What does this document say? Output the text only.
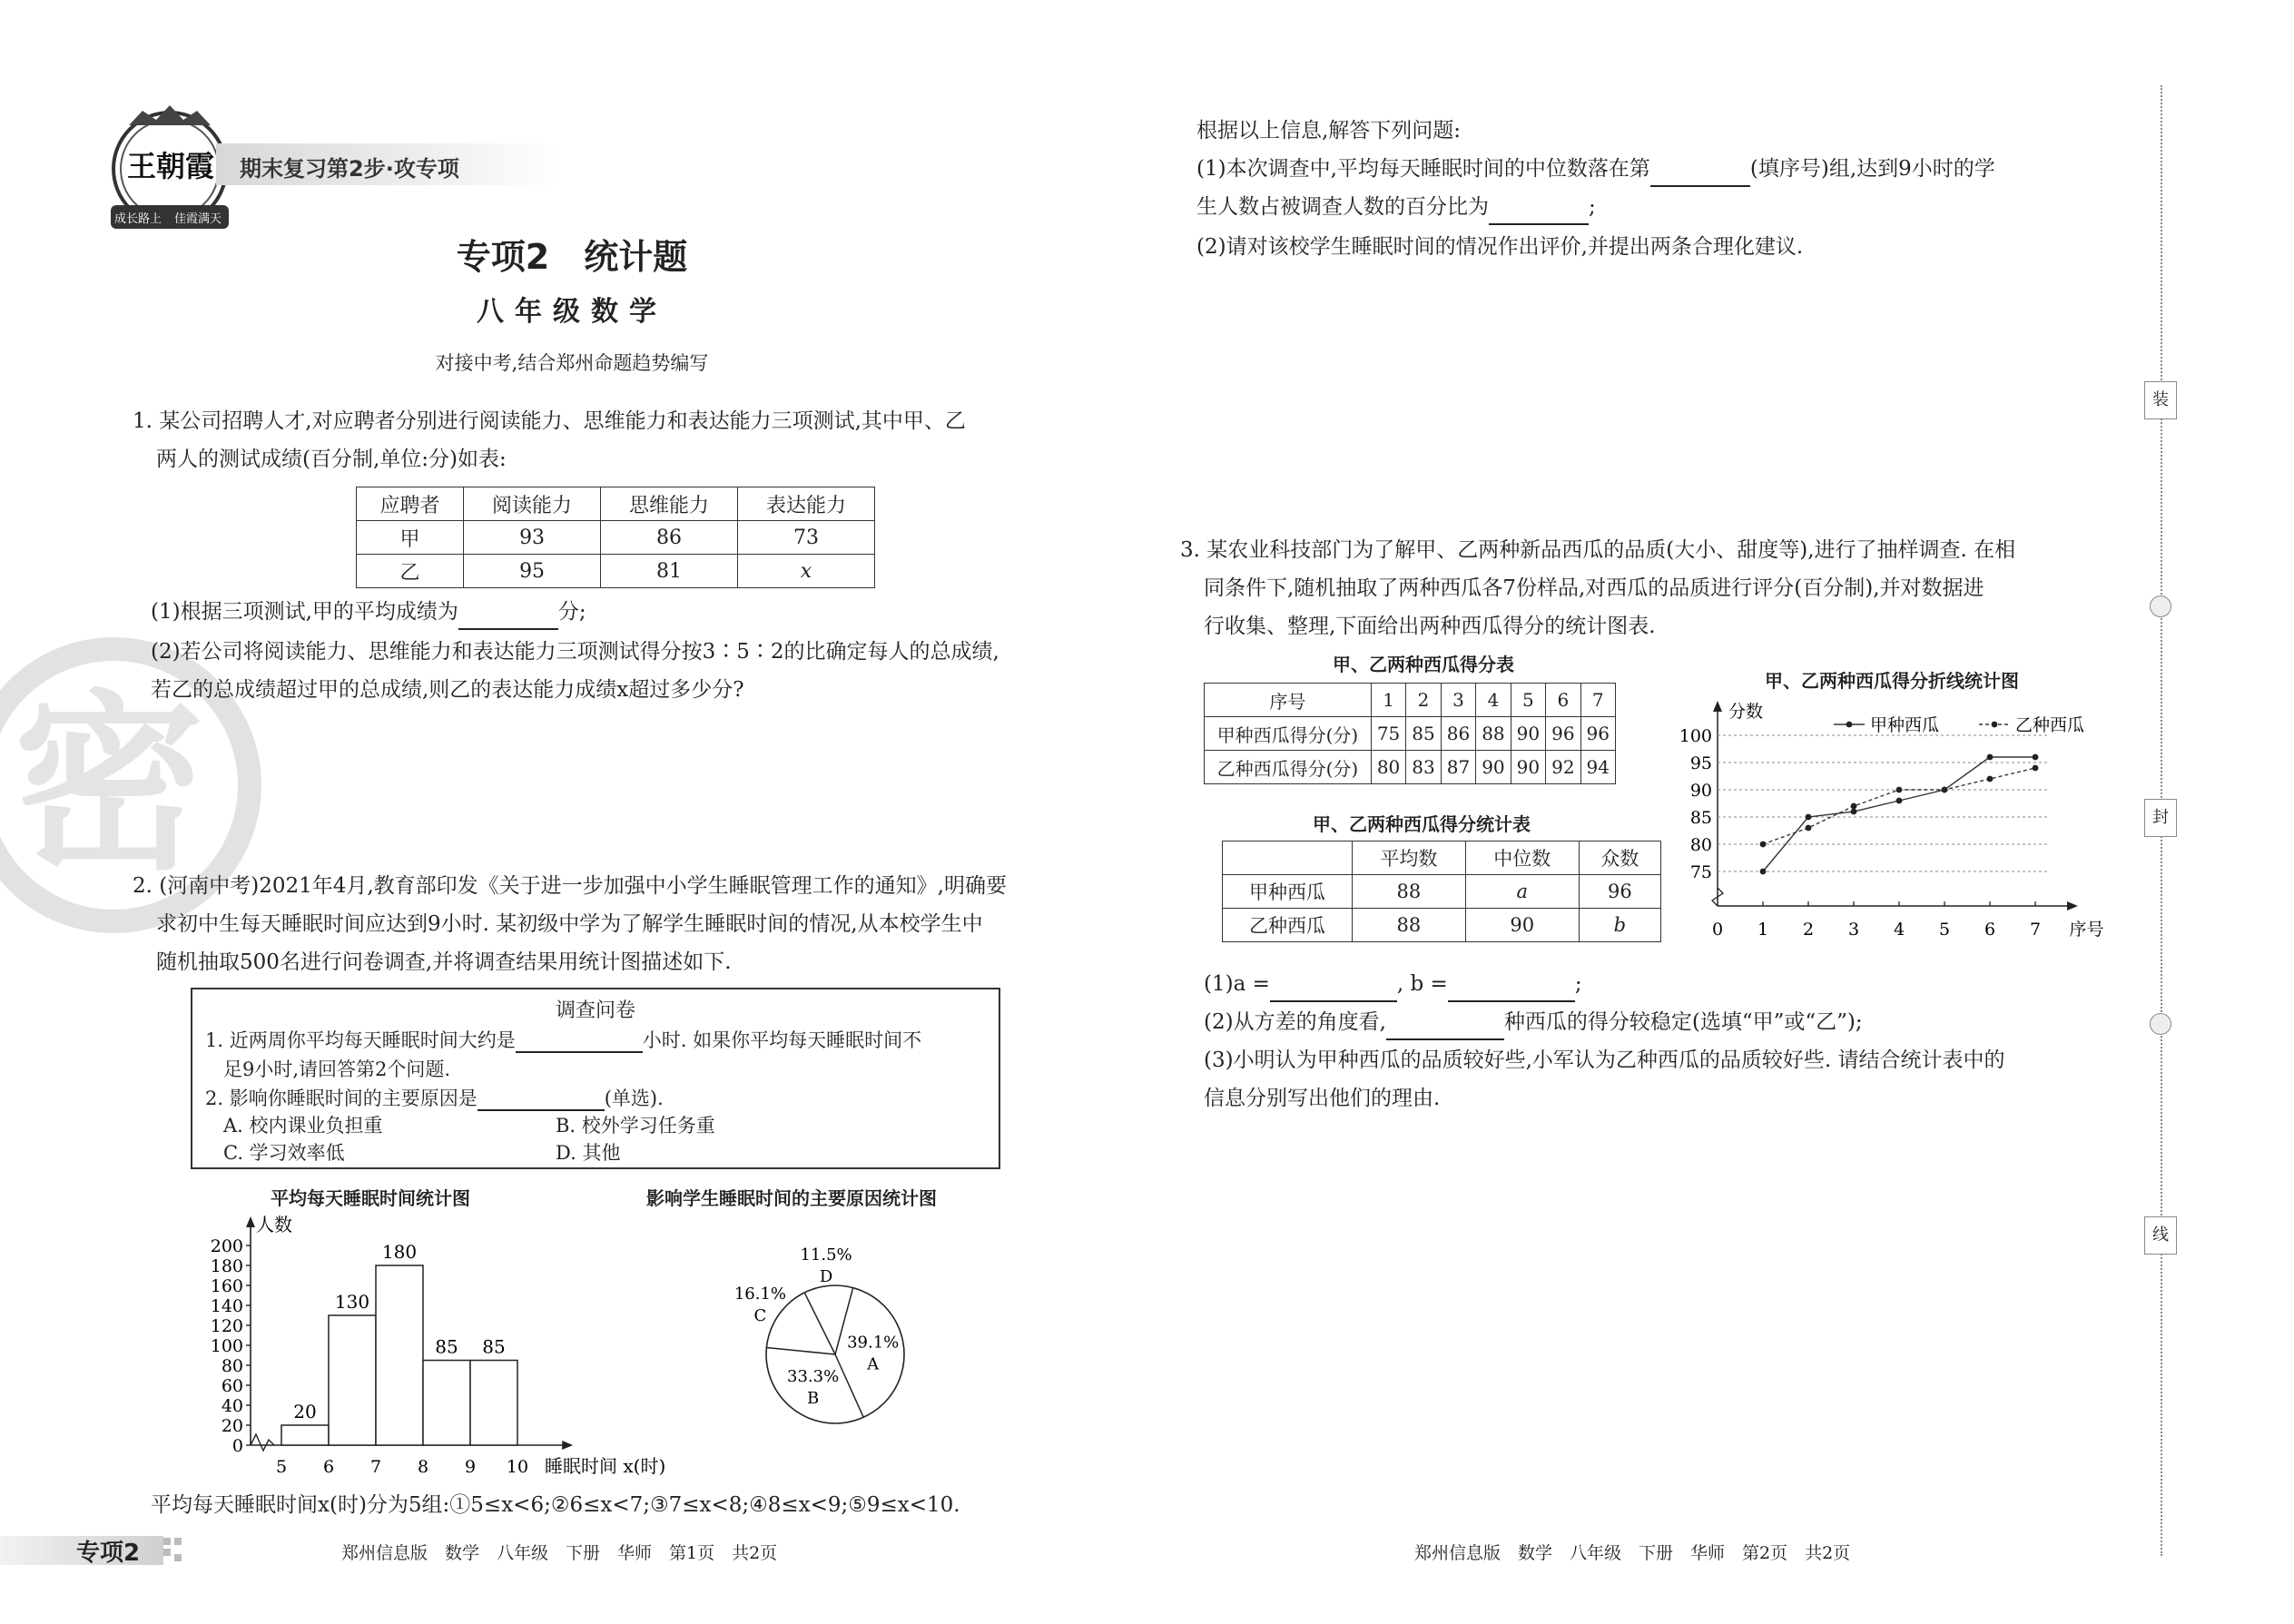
王朝霞
成长路上 佳霞满天
期末复习第2步·攻专项
专项2　统计题
八年级数学
对接中考,结合郑州命题趋势编写
密
1. 某公司招聘人才,对应聘者分别进行阅读能力、思维能力和表达能力三项测试,其中甲、乙
两人的测试成绩(百分制,单位:分)如表:
应聘者	阅读能力	思维能力	表达能力
甲	93	86	73
乙	95	81	x
(1)根据三项测试,甲的平均成绩为	分;
(2)若公司将阅读能力、思维能力和表达能力三项测试得分按3∶5∶2的比确定每人的总成绩,
若乙的总成绩超过甲的总成绩,则乙的表达能力成绩x超过多少分?
2. (河南中考)2021年4月,教育部印发《关于进一步加强中小学生睡眠管理工作的通知》,明确要
求初中生每天睡眠时间应达到9小时. 某初级中学为了解学生睡眠时间的情况,从本校学生中
随机抽取500名进行问卷调查,并将调查结果用统计图描述如下.
调查问卷
1. 近两周你平均每天睡眠时间大约是	小时. 如果你平均每天睡眠时间不
足9小时,请回答第2个问题.
2. 影响你睡眠时间的主要原因是	(单选).
A. 校内课业负担重	B. 校外学习任务重
C. 学习效率低	D. 其他
平均每天睡眠时间统计图
人数
0
20
40
60
80
100
120
140
160
180
200
5 6 7 8 9 10 睡眠时间 x(时)
20
130
180
85 85
影响学生睡眠时间的主要原因统计图
39.1%
A
33.3%
B
16.1%
C
11.5%
D
平均每天睡眠时间x(时)分为5组:①5≤x<6;②6≤x<7;③7≤x<8;④8≤x<9;⑤9≤x<10.
根据以上信息,解答下列问题:
(1)本次调查中,平均每天睡眠时间的中位数落在第	(填序号)组,达到9小时的学
生人数占被调查人数的百分比为	;
(2)请对该校学生睡眠时间的情况作出评价,并提出两条合理化建议.
3. 某农业科技部门为了解甲、乙两种新品西瓜的品质(大小、甜度等),进行了抽样调查. 在相
同条件下,随机抽取了两种西瓜各7份样品,对西瓜的品质进行评分(百分制),并对数据进
行收集、整理,下面给出两种西瓜得分的统计图表.
甲、乙两种西瓜得分表
序号	1	2	3	4	5	6	7
甲种西瓜得分(分)	75	85	86	88	90	96	96
乙种西瓜得分(分)	80	83	87	90	90	92	94
甲、乙两种西瓜得分统计表
	平均数	中位数	众数
甲种西瓜	88	a	96
乙种西瓜	88	90	b
甲、乙两种西瓜得分折线统计图
分数
75
80
85
90
95
100
0 1 2 3 4 5 6 7 序号
甲种西瓜	乙种西瓜
(1)a =	, b =	;
(2)从方差的角度看,	种西瓜的得分较稳定(选填“甲”或“乙”);
(3)小明认为甲种西瓜的品质较好些,小军认为乙种西瓜的品质较好些. 请结合统计表中的
信息分别写出他们的理由.
装
封
线
专项2	郑州信息版　数学　八年级　下册　华师　第1页　共2页	郑州信息版　数学　八年级　下册　华师　第2页　共2页
